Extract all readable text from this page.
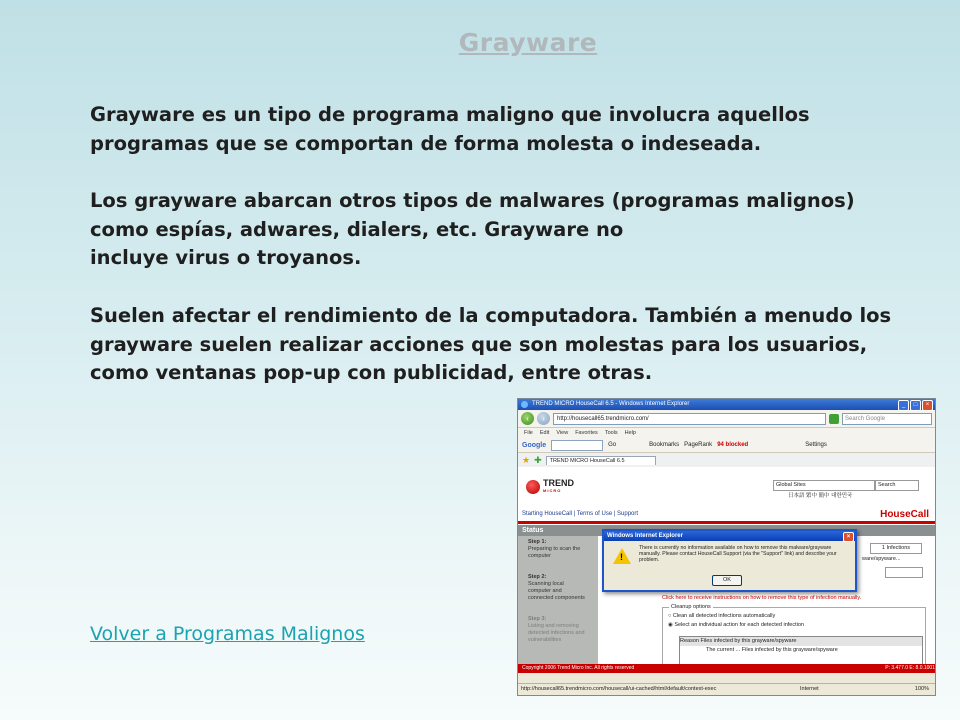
Grayware
Grayware es un tipo de programa maligno que involucra aquellos
programas que se comportan de forma molesta o indeseada.
Los grayware abarcan otros tipos de malwares (programas malignos)
como espías, adwares, dialers, etc. Grayware no
incluye virus o troyanos.
Suelen afectar el rendimiento de la computadora. También a menudo los
grayware suelen realizar acciones que son molestas para los usuarios,
como ventanas pop-up con publicidad, entre otras.
Volver a Programas Malignos
TREND MICRO HouseCall 6.5 - Windows Internet Explorer	_	□	×
‹	›	http://housecall65.trendmicro.com/	Search Google
File Edit View Favorites Tools Help
Google	Go	Bookmarks PageRank 94 blocked	Settings
★ ✚	TREND MICRO HouseCall 6.5
TREND
MICRO
Global Sites
日本語 繁中 簡中 대한민국
Search
Starting HouseCall | Terms of Use | Support	HouseCall
Status
Step 1:
Preparing to scan the
computer
Step 2:
Scanning local
computer and
connected components
Step 3:
Listing and removing
detected infections and
vulnerabilities
1 Infections
ware/spyware...
Click here to receive instructions on how to remove this type of infection manually.
Cleanup options
○ Clean all detected infections automatically
◉ Select an individual action for each detected infection
Reason Files infected by this grayware/spyware
The current ... Files infected by this grayware/spyware
Copyright 2006 Trend Micro Inc. All rights reserved	P: 3.477.0 E: 8.0.1001
Windows Internet Explorer	×
!
There is currently no information available on how to remove this malware/grayware manually. Please contact HouseCall Support (via the "Support" link) and describe your problem.
OK
http://housecall65.trendmicro.com/housecall/ui-cached/html/default/context-exec	Internet	100%
